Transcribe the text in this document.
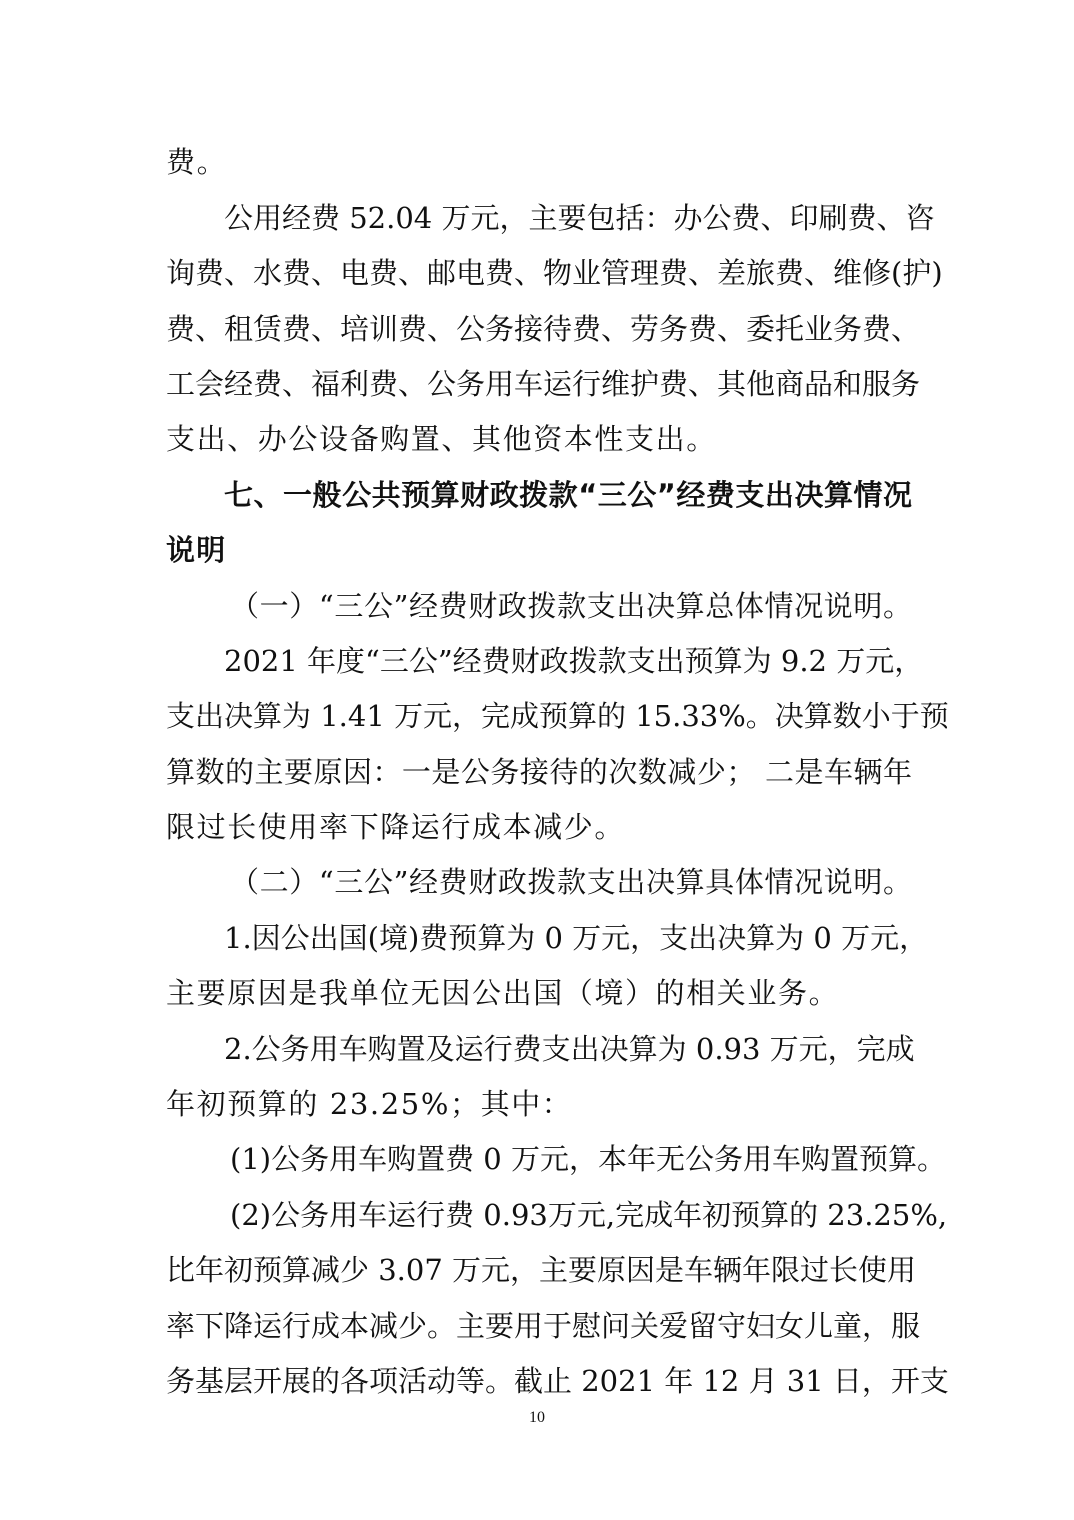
费。
公用经费 52.04 万元，主要包括：办公费、印刷费、咨
询费、水费、电费、邮电费、物业管理费、差旅费、维修(护)
费、租赁费、培训费、公务接待费、劳务费、委托业务费、
工会经费、福利费、公务用车运行维护费、其他商品和服务
支出、办公设备购置、其他资本性支出。
七、一般公共预算财政拨款“三公”经费支出决算情况
说明
（一）“三公”经费财政拨款支出决算总体情况说明。
2021 年度“三公”经费财政拨款支出预算为 9.2 万元，
支出决算为 1.41 万元，完成预算的 15.33%。决算数小于预
算数的主要原因：一是公务接待的次数减少； 二是车辆年
限过长使用率下降运行成本减少。
（二）“三公”经费财政拨款支出决算具体情况说明。
1.因公出国(境)费预算为 0 万元，支出决算为 0 万元，
主要原因是我单位无因公出国（境）的相关业务。
2.公务用车购置及运行费支出决算为 0.93 万元，完成
年初预算的 23.25%；其中：
(1)公务用车购置费 0 万元，本年无公务用车购置预算。
(2)公务用车运行费 0.93万元,完成年初预算的 23.25%,
比年初预算减少 3.07 万元，主要原因是车辆年限过长使用
率下降运行成本减少。主要用于慰问关爱留守妇女儿童，服
务基层开展的各项活动等。截止 2021 年 12 月 31 日，开支
10
